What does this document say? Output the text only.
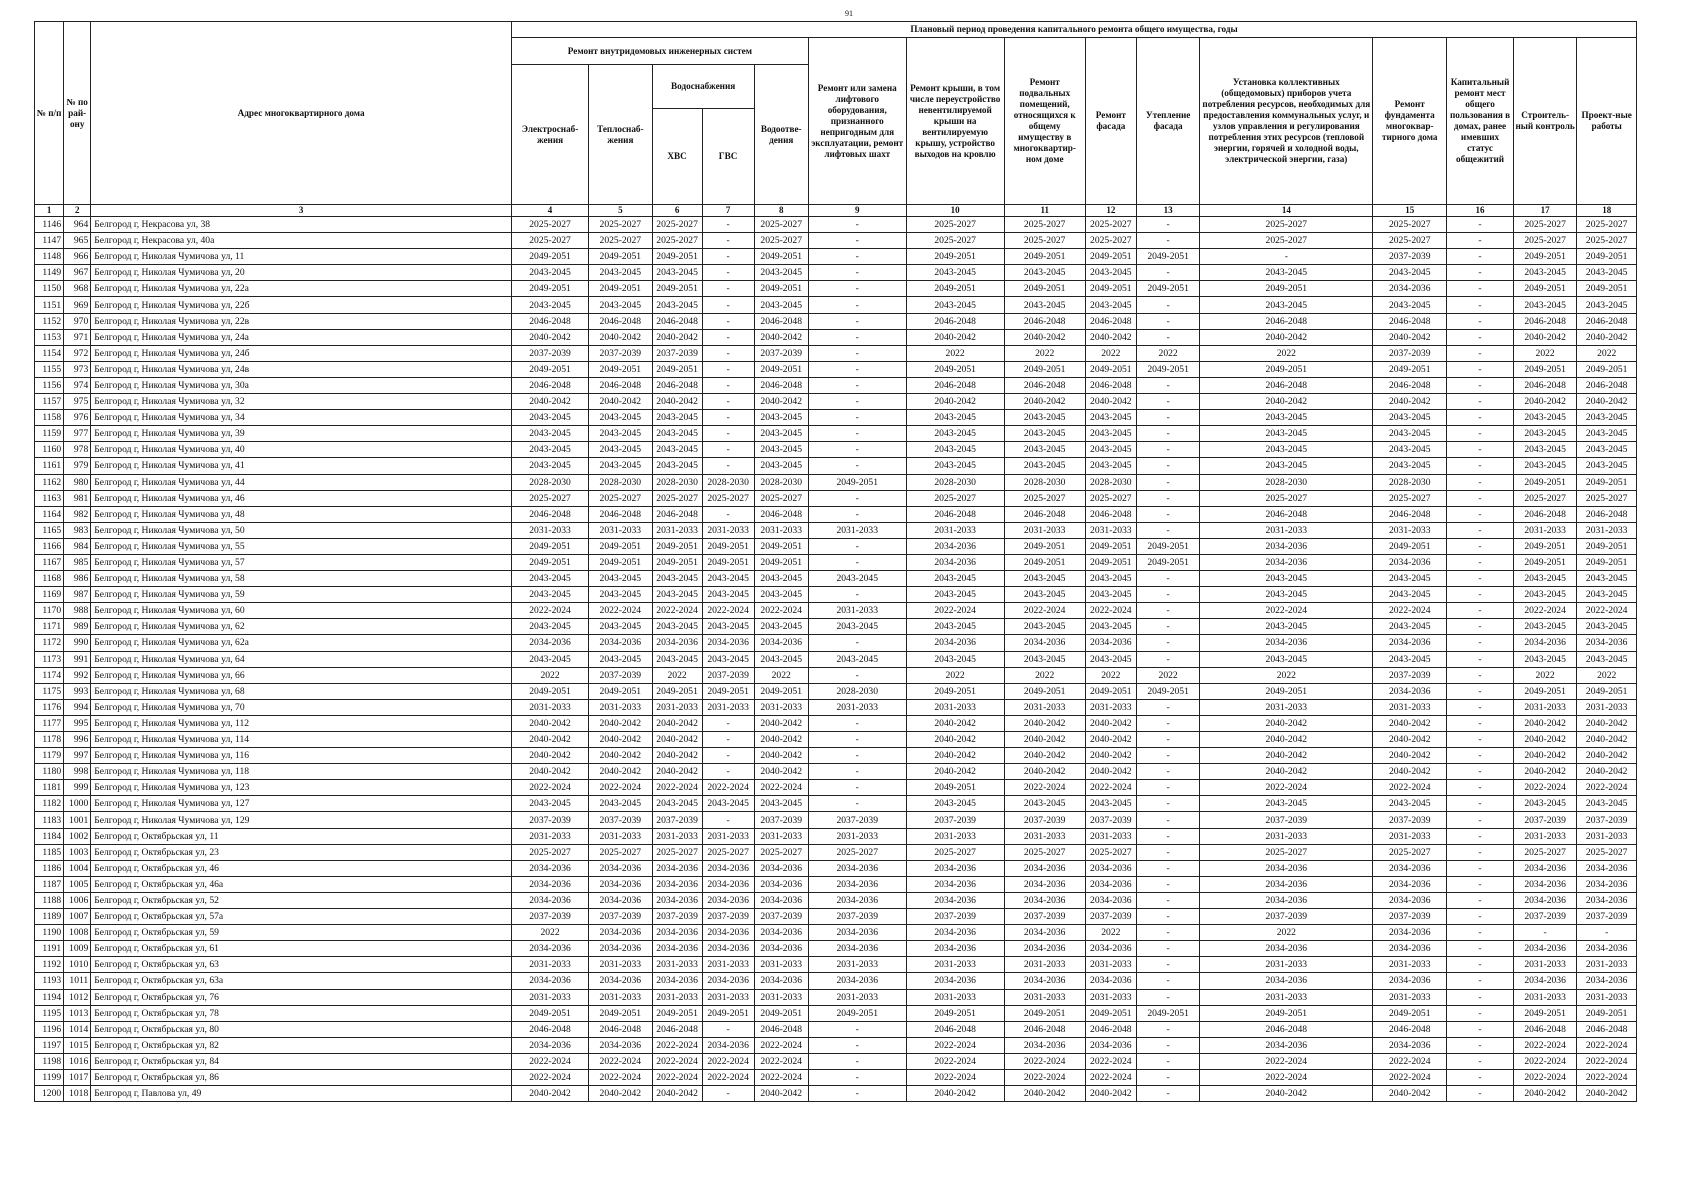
91
№ п/п	№ по рай-ону	Адрес многоквартирного дома	Плановый период проведения капитального ремонта общего имущества, годы														
			Ремонт внутридомовых инженерных систем					Ремонт или замена лифтового оборудования, признанного непригодным для эксплуатации, ремонт лифтовых шахт	Ремонт крыши, в том числе переустройство невентилируемой крыши на вентилируемую крышу, устройство выходов на кровлю	Ремонт подвальных помещений, относящихся к общему имуществу в многоквартир-ном доме	Ремонт фасада	Утепление фасада	Установка коллективных (общедомовых) приборов учета потребления ресурсов, необходимых для предоставления коммунальных услуг, и узлов управления и регулирования потребления этих ресурсов (тепловой энергии, горячей и холодной воды, электрической энергии, газа)	Ремонт фундамента многоквар-тирного дома	Капитальный ремонт мест общего пользования в домах, ранее имевших статус общежитий	Строитель-ный контроль	Проект-ные работы
			Электроснаб-жения	Теплоснаб-жения	Водоснабжения		Водоотве-дения										
					ХВС	ГВС											
1	2	3	4	5	6	7	8	9	10	11	12	13	14	15	16	17	18
1146	964	Белгород г, Некрасова ул, 38	2025-2027	2025-2027	2025-2027	-	2025-2027	-	2025-2027	2025-2027	2025-2027	-	2025-2027	2025-2027	-	2025-2027	2025-2027
1147	965	Белгород г, Некрасова ул, 40а	2025-2027	2025-2027	2025-2027	-	2025-2027	-	2025-2027	2025-2027	2025-2027	-	2025-2027	2025-2027	-	2025-2027	2025-2027
1148	966	Белгород г, Николая Чумичова ул, 11	2049-2051	2049-2051	2049-2051	-	2049-2051	-	2049-2051	2049-2051	2049-2051	2049-2051	-	2037-2039	-	2049-2051	2049-2051
1149	967	Белгород г, Николая Чумичова ул, 20	2043-2045	2043-2045	2043-2045	-	2043-2045	-	2043-2045	2043-2045	2043-2045	-	2043-2045	2043-2045	-	2043-2045	2043-2045
1150	968	Белгород г, Николая Чумичова ул, 22а	2049-2051	2049-2051	2049-2051	-	2049-2051	-	2049-2051	2049-2051	2049-2051	2049-2051	2049-2051	2034-2036	-	2049-2051	2049-2051
1151	969	Белгород г, Николая Чумичова ул, 22б	2043-2045	2043-2045	2043-2045	-	2043-2045	-	2043-2045	2043-2045	2043-2045	-	2043-2045	2043-2045	-	2043-2045	2043-2045
1152	970	Белгород г, Николая Чумичова ул, 22в	2046-2048	2046-2048	2046-2048	-	2046-2048	-	2046-2048	2046-2048	2046-2048	-	2046-2048	2046-2048	-	2046-2048	2046-2048
1153	971	Белгород г, Николая Чумичова ул, 24а	2040-2042	2040-2042	2040-2042	-	2040-2042	-	2040-2042	2040-2042	2040-2042	-	2040-2042	2040-2042	-	2040-2042	2040-2042
1154	972	Белгород г, Николая Чумичова ул, 24б	2037-2039	2037-2039	2037-2039	-	2037-2039	-	2022	2022	2022	2022	2022	2037-2039	-	2022	2022
1155	973	Белгород г, Николая Чумичова ул, 24в	2049-2051	2049-2051	2049-2051	-	2049-2051	-	2049-2051	2049-2051	2049-2051	2049-2051	2049-2051	2049-2051	-	2049-2051	2049-2051
1156	974	Белгород г, Николая Чумичова ул, 30а	2046-2048	2046-2048	2046-2048	-	2046-2048	-	2046-2048	2046-2048	2046-2048	-	2046-2048	2046-2048	-	2046-2048	2046-2048
1157	975	Белгород г, Николая Чумичова ул, 32	2040-2042	2040-2042	2040-2042	-	2040-2042	-	2040-2042	2040-2042	2040-2042	-	2040-2042	2040-2042	-	2040-2042	2040-2042
1158	976	Белгород г, Николая Чумичова ул, 34	2043-2045	2043-2045	2043-2045	-	2043-2045	-	2043-2045	2043-2045	2043-2045	-	2043-2045	2043-2045	-	2043-2045	2043-2045
1159	977	Белгород г, Николая Чумичова ул, 39	2043-2045	2043-2045	2043-2045	-	2043-2045	-	2043-2045	2043-2045	2043-2045	-	2043-2045	2043-2045	-	2043-2045	2043-2045
1160	978	Белгород г, Николая Чумичова ул, 40	2043-2045	2043-2045	2043-2045	-	2043-2045	-	2043-2045	2043-2045	2043-2045	-	2043-2045	2043-2045	-	2043-2045	2043-2045
1161	979	Белгород г, Николая Чумичова ул, 41	2043-2045	2043-2045	2043-2045	-	2043-2045	-	2043-2045	2043-2045	2043-2045	-	2043-2045	2043-2045	-	2043-2045	2043-2045
1162	980	Белгород г, Николая Чумичова ул, 44	2028-2030	2028-2030	2028-2030	2028-2030	2028-2030	2049-2051	2028-2030	2028-2030	2028-2030	-	2028-2030	2028-2030	-	2049-2051	2049-2051
1163	981	Белгород г, Николая Чумичова ул, 46	2025-2027	2025-2027	2025-2027	2025-2027	2025-2027	-	2025-2027	2025-2027	2025-2027	-	2025-2027	2025-2027	-	2025-2027	2025-2027
1164	982	Белгород г, Николая Чумичова ул, 48	2046-2048	2046-2048	2046-2048	-	2046-2048	-	2046-2048	2046-2048	2046-2048	-	2046-2048	2046-2048	-	2046-2048	2046-2048
1165	983	Белгород г, Николая Чумичова ул, 50	2031-2033	2031-2033	2031-2033	2031-2033	2031-2033	2031-2033	2031-2033	2031-2033	2031-2033	-	2031-2033	2031-2033	-	2031-2033	2031-2033
1166	984	Белгород г, Николая Чумичова ул, 55	2049-2051	2049-2051	2049-2051	2049-2051	2049-2051	-	2034-2036	2049-2051	2049-2051	2049-2051	2034-2036	2049-2051	-	2049-2051	2049-2051
1167	985	Белгород г, Николая Чумичова ул, 57	2049-2051	2049-2051	2049-2051	2049-2051	2049-2051	-	2034-2036	2049-2051	2049-2051	2049-2051	2034-2036	2034-2036	-	2049-2051	2049-2051
1168	986	Белгород г, Николая Чумичова ул, 58	2043-2045	2043-2045	2043-2045	2043-2045	2043-2045	2043-2045	2043-2045	2043-2045	2043-2045	-	2043-2045	2043-2045	-	2043-2045	2043-2045
1169	987	Белгород г, Николая Чумичова ул, 59	2043-2045	2043-2045	2043-2045	2043-2045	2043-2045	-	2043-2045	2043-2045	2043-2045	-	2043-2045	2043-2045	-	2043-2045	2043-2045
1170	988	Белгород г, Николая Чумичова ул, 60	2022-2024	2022-2024	2022-2024	2022-2024	2022-2024	2031-2033	2022-2024	2022-2024	2022-2024	-	2022-2024	2022-2024	-	2022-2024	2022-2024
1171	989	Белгород г, Николая Чумичова ул, 62	2043-2045	2043-2045	2043-2045	2043-2045	2043-2045	2043-2045	2043-2045	2043-2045	2043-2045	-	2043-2045	2043-2045	-	2043-2045	2043-2045
1172	990	Белгород г, Николая Чумичова ул, 62а	2034-2036	2034-2036	2034-2036	2034-2036	2034-2036	-	2034-2036	2034-2036	2034-2036	-	2034-2036	2034-2036	-	2034-2036	2034-2036
1173	991	Белгород г, Николая Чумичова ул, 64	2043-2045	2043-2045	2043-2045	2043-2045	2043-2045	2043-2045	2043-2045	2043-2045	2043-2045	-	2043-2045	2043-2045	-	2043-2045	2043-2045
1174	992	Белгород г, Николая Чумичова ул, 66	2022	2037-2039	2022	2037-2039	2022	-	2022	2022	2022	2022	2022	2037-2039	-	2022	2022
1175	993	Белгород г, Николая Чумичова ул, 68	2049-2051	2049-2051	2049-2051	2049-2051	2049-2051	2028-2030	2049-2051	2049-2051	2049-2051	2049-2051	2049-2051	2034-2036	-	2049-2051	2049-2051
1176	994	Белгород г, Николая Чумичова ул, 70	2031-2033	2031-2033	2031-2033	2031-2033	2031-2033	2031-2033	2031-2033	2031-2033	2031-2033	-	2031-2033	2031-2033	-	2031-2033	2031-2033
1177	995	Белгород г, Николая Чумичова ул, 112	2040-2042	2040-2042	2040-2042	-	2040-2042	-	2040-2042	2040-2042	2040-2042	-	2040-2042	2040-2042	-	2040-2042	2040-2042
1178	996	Белгород г, Николая Чумичова ул, 114	2040-2042	2040-2042	2040-2042	-	2040-2042	-	2040-2042	2040-2042	2040-2042	-	2040-2042	2040-2042	-	2040-2042	2040-2042
1179	997	Белгород г, Николая Чумичова ул, 116	2040-2042	2040-2042	2040-2042	-	2040-2042	-	2040-2042	2040-2042	2040-2042	-	2040-2042	2040-2042	-	2040-2042	2040-2042
1180	998	Белгород г, Николая Чумичова ул, 118	2040-2042	2040-2042	2040-2042	-	2040-2042	-	2040-2042	2040-2042	2040-2042	-	2040-2042	2040-2042	-	2040-2042	2040-2042
1181	999	Белгород г, Николая Чумичова ул, 123	2022-2024	2022-2024	2022-2024	2022-2024	2022-2024	-	2049-2051	2022-2024	2022-2024	-	2022-2024	2022-2024	-	2022-2024	2022-2024
1182	1000	Белгород г, Николая Чумичова ул, 127	2043-2045	2043-2045	2043-2045	2043-2045	2043-2045	-	2043-2045	2043-2045	2043-2045	-	2043-2045	2043-2045	-	2043-2045	2043-2045
1183	1001	Белгород г, Николая Чумичова ул, 129	2037-2039	2037-2039	2037-2039	-	2037-2039	2037-2039	2037-2039	2037-2039	2037-2039	-	2037-2039	2037-2039	-	2037-2039	2037-2039
1184	1002	Белгород г, Октябрьская ул, 11	2031-2033	2031-2033	2031-2033	2031-2033	2031-2033	2031-2033	2031-2033	2031-2033	2031-2033	-	2031-2033	2031-2033	-	2031-2033	2031-2033
1185	1003	Белгород г, Октябрьская ул, 23	2025-2027	2025-2027	2025-2027	2025-2027	2025-2027	2025-2027	2025-2027	2025-2027	2025-2027	-	2025-2027	2025-2027	-	2025-2027	2025-2027
1186	1004	Белгород г, Октябрьская ул, 46	2034-2036	2034-2036	2034-2036	2034-2036	2034-2036	2034-2036	2034-2036	2034-2036	2034-2036	-	2034-2036	2034-2036	-	2034-2036	2034-2036
1187	1005	Белгород г, Октябрьская ул, 46а	2034-2036	2034-2036	2034-2036	2034-2036	2034-2036	2034-2036	2034-2036	2034-2036	2034-2036	-	2034-2036	2034-2036	-	2034-2036	2034-2036
1188	1006	Белгород г, Октябрьская ул, 52	2034-2036	2034-2036	2034-2036	2034-2036	2034-2036	2034-2036	2034-2036	2034-2036	2034-2036	-	2034-2036	2034-2036	-	2034-2036	2034-2036
1189	1007	Белгород г, Октябрьская ул, 57а	2037-2039	2037-2039	2037-2039	2037-2039	2037-2039	2037-2039	2037-2039	2037-2039	2037-2039	-	2037-2039	2037-2039	-	2037-2039	2037-2039
1190	1008	Белгород г, Октябрьская ул, 59	2022	2034-2036	2034-2036	2034-2036	2034-2036	2034-2036	2034-2036	2034-2036	2022	-	2022	2034-2036	-	-	-
1191	1009	Белгород г, Октябрьская ул, 61	2034-2036	2034-2036	2034-2036	2034-2036	2034-2036	2034-2036	2034-2036	2034-2036	2034-2036	-	2034-2036	2034-2036	-	2034-2036	2034-2036
1192	1010	Белгород г, Октябрьская ул, 63	2031-2033	2031-2033	2031-2033	2031-2033	2031-2033	2031-2033	2031-2033	2031-2033	2031-2033	-	2031-2033	2031-2033	-	2031-2033	2031-2033
1193	1011	Белгород г, Октябрьская ул, 63а	2034-2036	2034-2036	2034-2036	2034-2036	2034-2036	2034-2036	2034-2036	2034-2036	2034-2036	-	2034-2036	2034-2036	-	2034-2036	2034-2036
1194	1012	Белгород г, Октябрьская ул, 76	2031-2033	2031-2033	2031-2033	2031-2033	2031-2033	2031-2033	2031-2033	2031-2033	2031-2033	-	2031-2033	2031-2033	-	2031-2033	2031-2033
1195	1013	Белгород г, Октябрьская ул, 78	2049-2051	2049-2051	2049-2051	2049-2051	2049-2051	2049-2051	2049-2051	2049-2051	2049-2051	2049-2051	2049-2051	2049-2051	-	2049-2051	2049-2051
1196	1014	Белгород г, Октябрьская ул, 80	2046-2048	2046-2048	2046-2048	-	2046-2048	-	2046-2048	2046-2048	2046-2048	-	2046-2048	2046-2048	-	2046-2048	2046-2048
1197	1015	Белгород г, Октябрьская ул, 82	2034-2036	2034-2036	2022-2024	2034-2036	2022-2024	-	2022-2024	2034-2036	2034-2036	-	2034-2036	2034-2036	-	2022-2024	2022-2024
1198	1016	Белгород г, Октябрьская ул, 84	2022-2024	2022-2024	2022-2024	2022-2024	2022-2024	-	2022-2024	2022-2024	2022-2024	-	2022-2024	2022-2024	-	2022-2024	2022-2024
1199	1017	Белгород г, Октябрьская ул, 86	2022-2024	2022-2024	2022-2024	2022-2024	2022-2024	-	2022-2024	2022-2024	2022-2024	-	2022-2024	2022-2024	-	2022-2024	2022-2024
1200	1018	Белгород г, Павлова ул, 49	2040-2042	2040-2042	2040-2042	-	2040-2042	-	2040-2042	2040-2042	2040-2042	-	2040-2042	2040-2042	-	2040-2042	2040-2042
